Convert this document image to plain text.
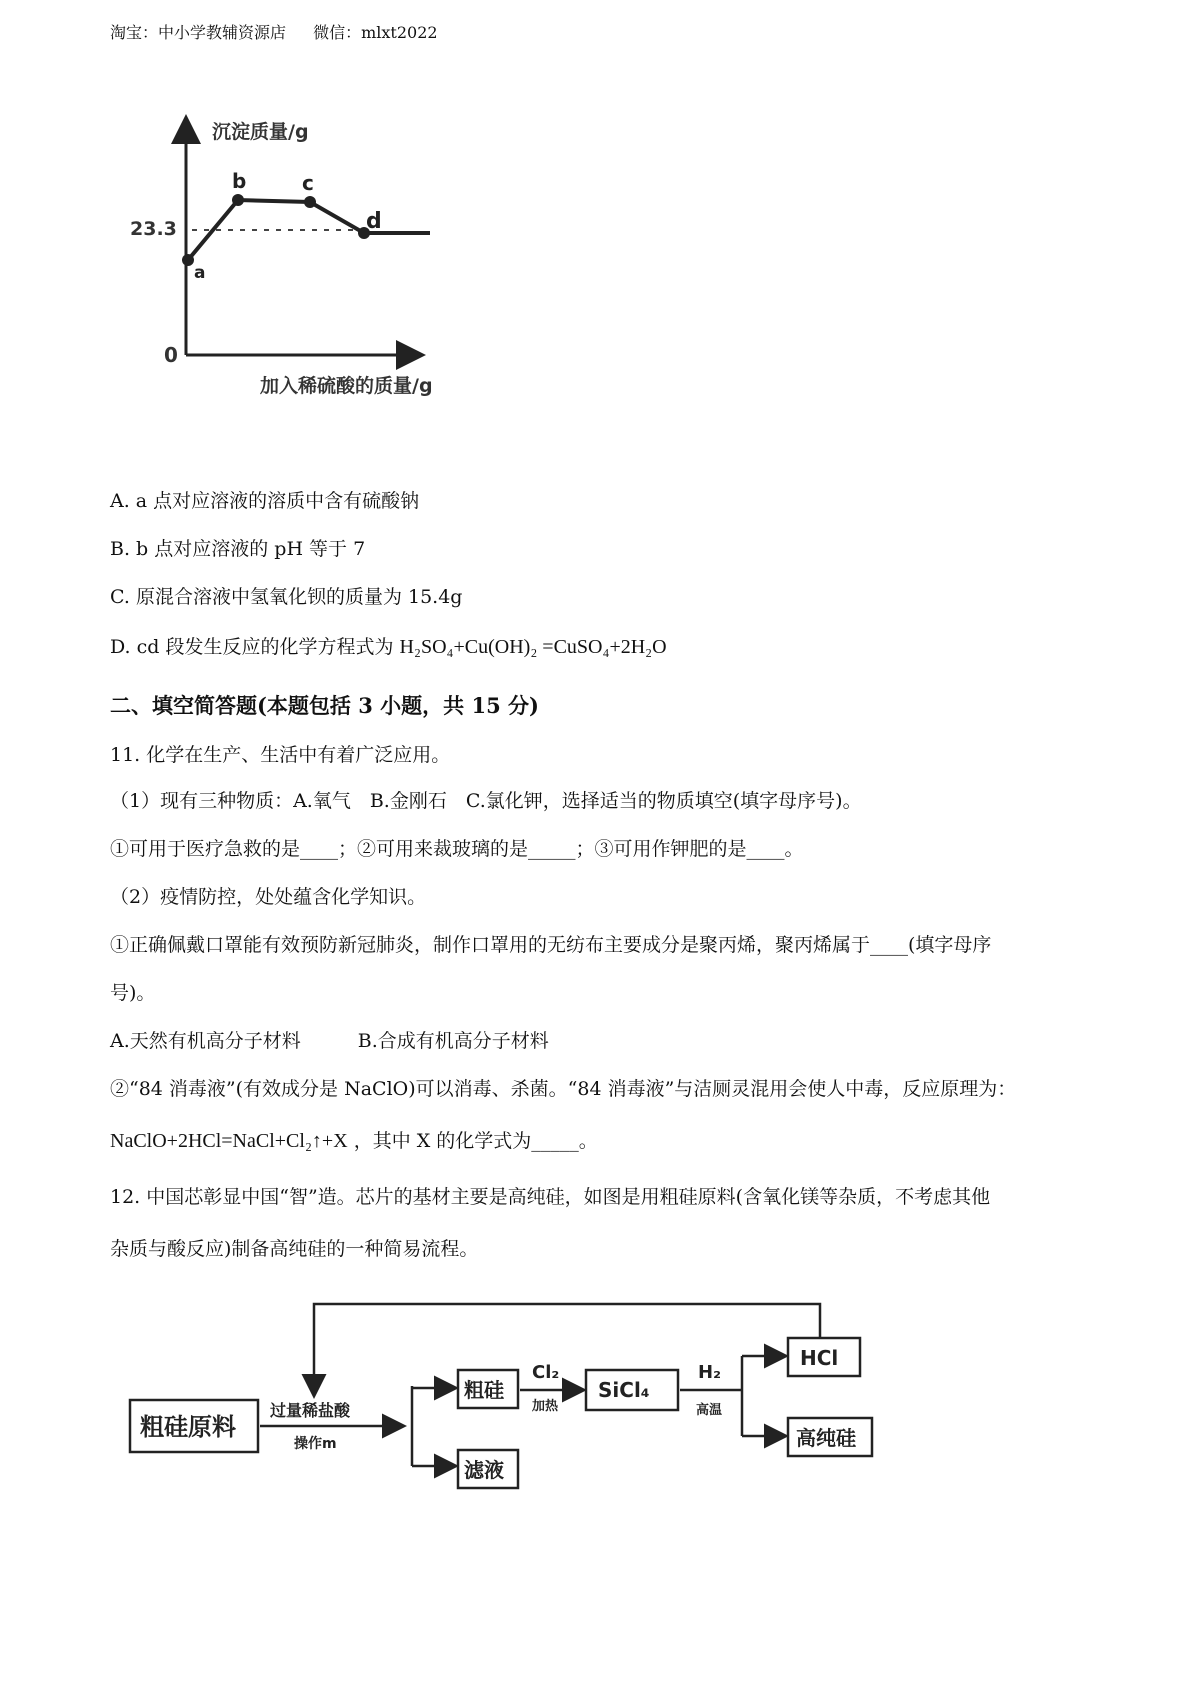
淘宝：中小学教辅资源店 微信：mlxt2022
沉淀质量/g
加入稀硫酸的质量/g
0
23.3
a
b	c
d
A. a 点对应溶液的溶质中含有硫酸钠
B. b 点对应溶液的 pH 等于 7
C. 原混合溶液中氢氧化钡的质量为 15.4g
D. cd 段发生反应的化学方程式为 H₂SO₄+Cu(OH)₂ =CuSO₄+2H₂O
二、填空简答题(本题包括 3 小题，共 15 分)
11. 化学在生产、生活中有着广泛应用。
（1）现有三种物质：A.氧气　B.金刚石　C.氯化钾，选择适当的物质填空(填字母序号)。
①可用于医疗急救的是____；②可用来裁玻璃的是_____；③可用作钾肥的是____。
（2）疫情防控，处处蕴含化学知识。
①正确佩戴口罩能有效预防新冠肺炎，制作口罩用的无纺布主要成分是聚丙烯，聚丙烯属于____(填字母序
号)。
A.天然有机高分子材料　　　B.合成有机高分子材料
②“84 消毒液”(有效成分是 NaClO)可以消毒、杀菌。“84 消毒液”与洁厕灵混用会使人中毒，反应原理为：
NaClO+2HCl=NaCl+Cl₂↑+X ，其中 X 的化学式为_____。
12. 中国芯彰显中国“智”造。芯片的基材主要是高纯硅，如图是用粗硅原料(含氧化镁等杂质，不考虑其他
杂质与酸反应)制备高纯硅的一种简易流程。
粗硅原料
过量稀盐酸
操作m
粗硅
滤液
Cl₂
加热
SiCl₄
H₂
高温
HCl
高纯硅
